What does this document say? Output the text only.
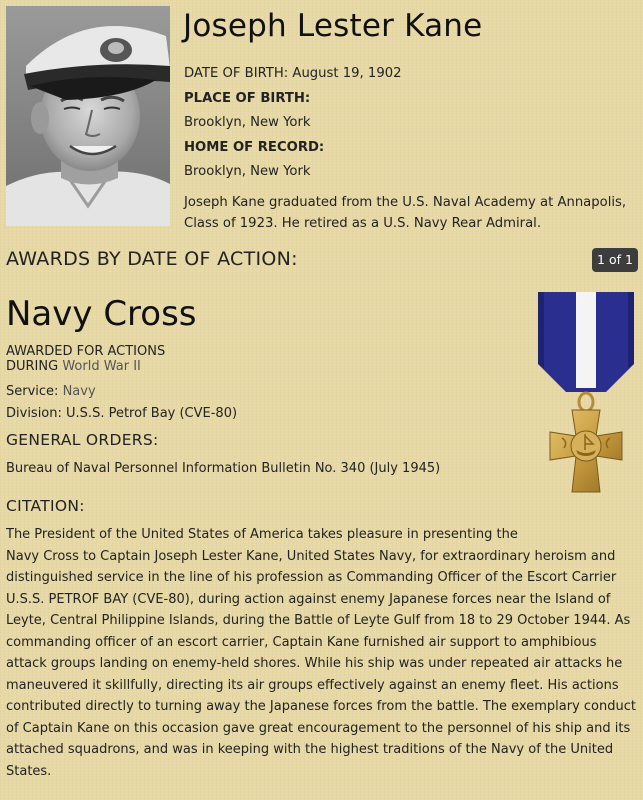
Joseph Lester Kane
DATE OF BIRTH: August 19, 1902
PLACE OF BIRTH:
Brooklyn, New York
HOME OF RECORD:
Brooklyn, New York
Joseph Kane graduated from the U.S. Naval Academy at Annapolis, Class of 1923. He retired as a U.S. Navy Rear Admiral.
AWARDS BY DATE OF ACTION:	1 of 1
Navy Cross
AWARDED FOR ACTIONS
DURING World War II
Service: Navy
Division: U.S.S. Petrof Bay (CVE-80)
GENERAL ORDERS:
Bureau of Naval Personnel Information Bulletin No. 340 (July 1945)
CITATION:
The President of the United States of America takes pleasure in presenting the
Navy Cross to Captain Joseph Lester Kane, United States Navy, for extraordinary heroism and distinguished service in the line of his profession as Commanding Officer of the Escort Carrier U.S.S. PETROF BAY (CVE-80), during action against enemy Japanese forces near the Island of Leyte, Central Philippine Islands, during the Battle of Leyte Gulf from 18 to 29 October 1944. As commanding officer of an escort carrier, Captain Kane furnished air support to amphibious attack groups landing on enemy-held shores. While his ship was under repeated air attacks he maneuvered it skillfully, directing its air groups effectively against an enemy fleet. His actions contributed directly to turning away the Japanese forces from the battle. The exemplary conduct of Captain Kane on this occasion gave great encouragement to the personnel of his ship and its attached squadrons, and was in keeping with the highest traditions of the Navy of the United States.
